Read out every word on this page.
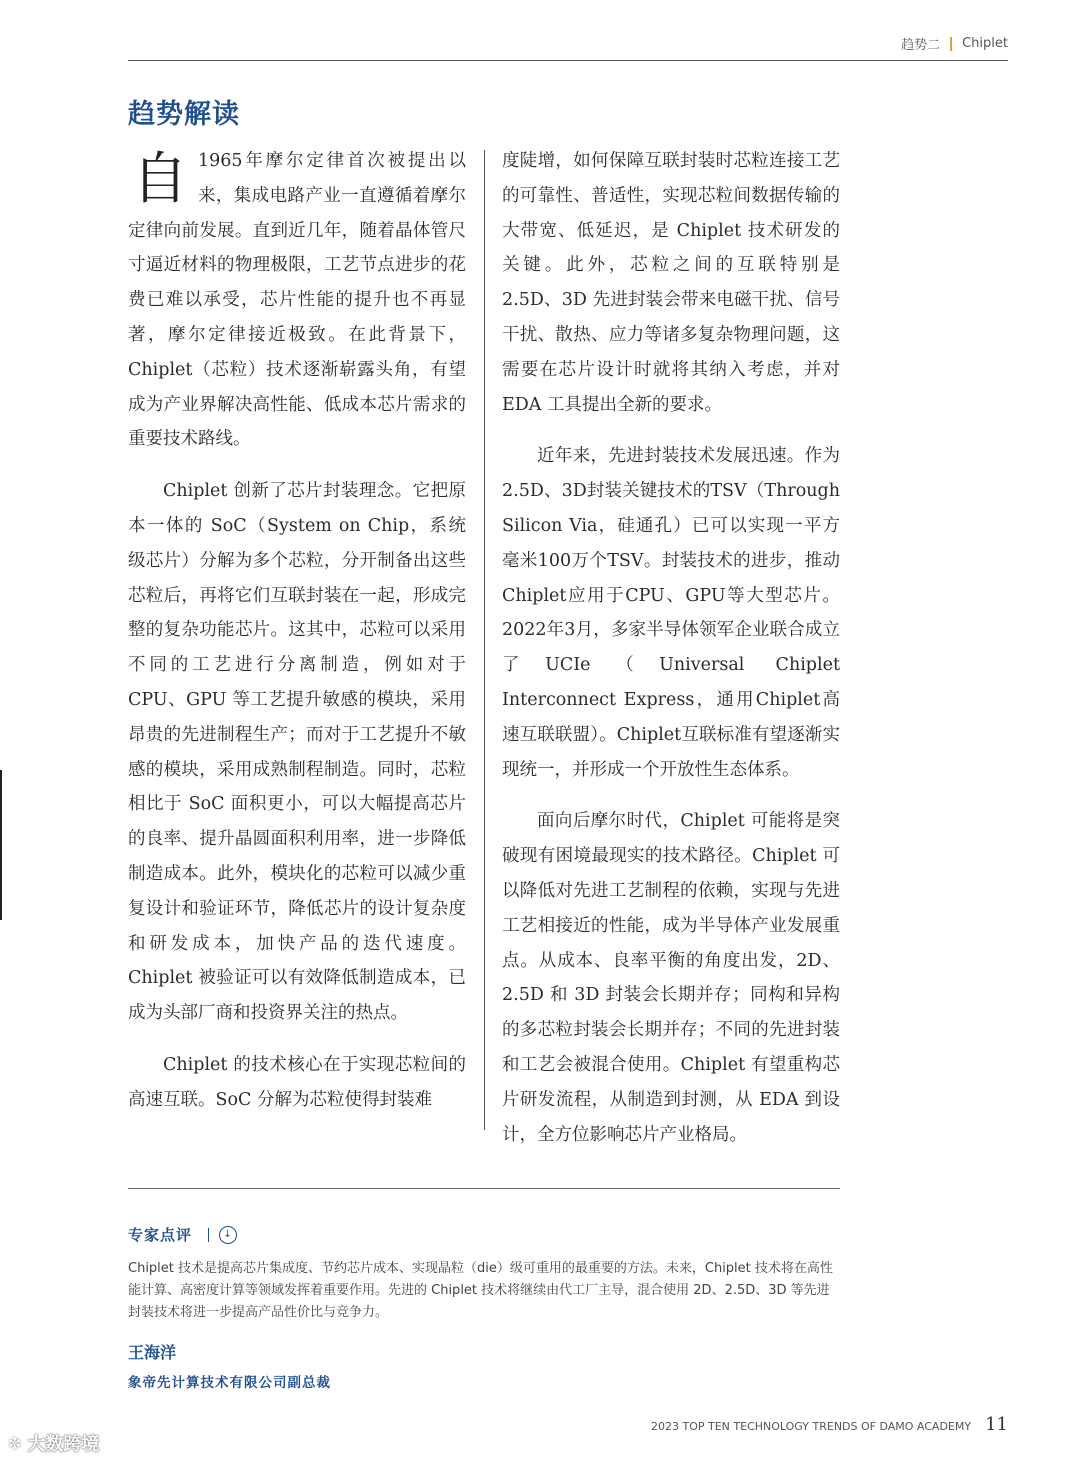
趋势二 Chiplet
趋势解读

自 1965年摩尔定律首次被提出以来，集成电路产业一直遵循着摩尔定律向前发展。直到近几年，随着晶体管尺寸逼近材料的物理极限，工艺节点进步的花费已难以承受，芯片性能的提升也不再显著，摩尔定律接近极致。在此背景下，Chiplet（芯粒）技术逐渐崭露头角，有望成为产业界解决高性能、低成本芯片需求的重要技术路线。

Chiplet 创新了芯片封装理念。它把原本一体的 SoC（System on Chip，系统级芯片）分解为多个芯粒，分开制备出这些芯粒后，再将它们互联封装在一起，形成完整的复杂功能芯片。这其中，芯粒可以采用不同的工艺进行分离制造，例如对于 CPU、GPU 等工艺提升敏感的模块，采用昂贵的先进制程生产；而对于工艺提升不敏感的模块，采用成熟制程制造。同时，芯粒相比于 SoC 面积更小，可以大幅提高芯片的良率、提升晶圆面积利用率，进一步降低制造成本。此外，模块化的芯粒可以减少重复设计和验证环节，降低芯片的设计复杂度和研发成本，加快产品的迭代速度。Chiplet 被验证可以有效降低制造成本，已成为头部厂商和投资界关注的热点。

Chiplet 的技术核心在于实现芯粒间的高速互联。SoC 分解为芯粒使得封装难

度陡增，如何保障互联封装时芯粒连接工艺的可靠性、普适性，实现芯粒间数据传输的大带宽、低延迟，是 Chiplet 技术研发的关键。此外，芯粒之间的互联特别是 2.5D、3D 先进封装会带来电磁干扰、信号干扰、散热、应力等诸多复杂物理问题，这需要在芯片设计时就将其纳入考虑，并对 EDA 工具提出全新的要求。

近年来，先进封装技术发展迅速。作为2.5D、3D封装关键技术的TSV（Through Silicon Via，硅通孔）已可以实现一平方毫米100万个TSV。封装技术的进步，推动Chiplet应用于CPU、GPU等大型芯片。2022年3月，多家半导体领军企业联合成立了UCIe（Universal Chiplet Interconnect Express，通用Chiplet高速互联联盟）。Chiplet互联标准有望逐渐实现统一，并形成一个开放性生态体系。

面向后摩尔时代，Chiplet 可能将是突破现有困境最现实的技术路径。Chiplet 可以降低对先进工艺制程的依赖，实现与先进工艺相接近的性能，成为半导体产业发展重点。从成本、良率平衡的角度出发，2D、2.5D 和 3D 封装会长期并存；同构和异构的多芯粒封装会长期并存；不同的先进封装和工艺会被混合使用。Chiplet 有望重构芯片研发流程，从制造到封测，从 EDA 到设计，全方位影响芯片产业格局。

专家点评	↓
Chiplet 技术是提高芯片集成度、节约芯片成本、实现晶粒（die）级可重用的最重要的方法。未来，Chiplet 技术将在高性能计算、高密度计算等领域发挥着重要作用。先进的 Chiplet 技术将继续由代工厂主导，混合使用 2D、2.5D、3D 等先进封装技术将进一步提高产品性价比与竞争力。
王海洋
象帝先计算技术有限公司副总裁
2023 TOP TEN TECHNOLOGY TRENDS OF DAMO ACADEMY 11
✼ 大数跨境
